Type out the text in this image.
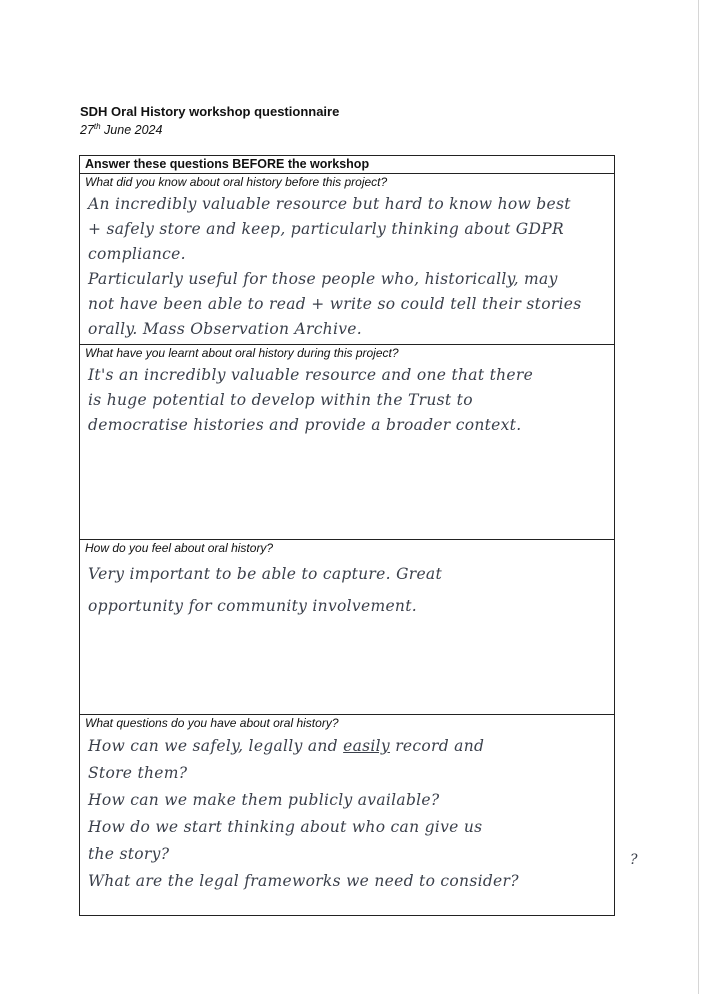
SDH Oral History workshop questionnaire

27th June 2024

Answer these questions BEFORE the workshop

What did you know about oral history before this project?

An incredibly valuable resource but hard to know how best

+ safely store and keep, particularly thinking about GDPR

compliance.

Particularly useful for those people who, historically, may

not have been able to read + write so could tell their stories

orally. Mass Observation Archive.

What have you learnt about oral history during this project?

It's an incredibly valuable resource and one that there

is huge potential to develop within the Trust to

democratise histories and provide a broader context.

How do you feel about oral history?

Very important to be able to capture. Great

opportunity for community involvement.

What questions do you have about oral history?

How can we safely, legally and easily record and

Store them?

How can we make them publicly available?

How do we start thinking about who can give us

the story?

What are the legal frameworks we need to consider?

?
